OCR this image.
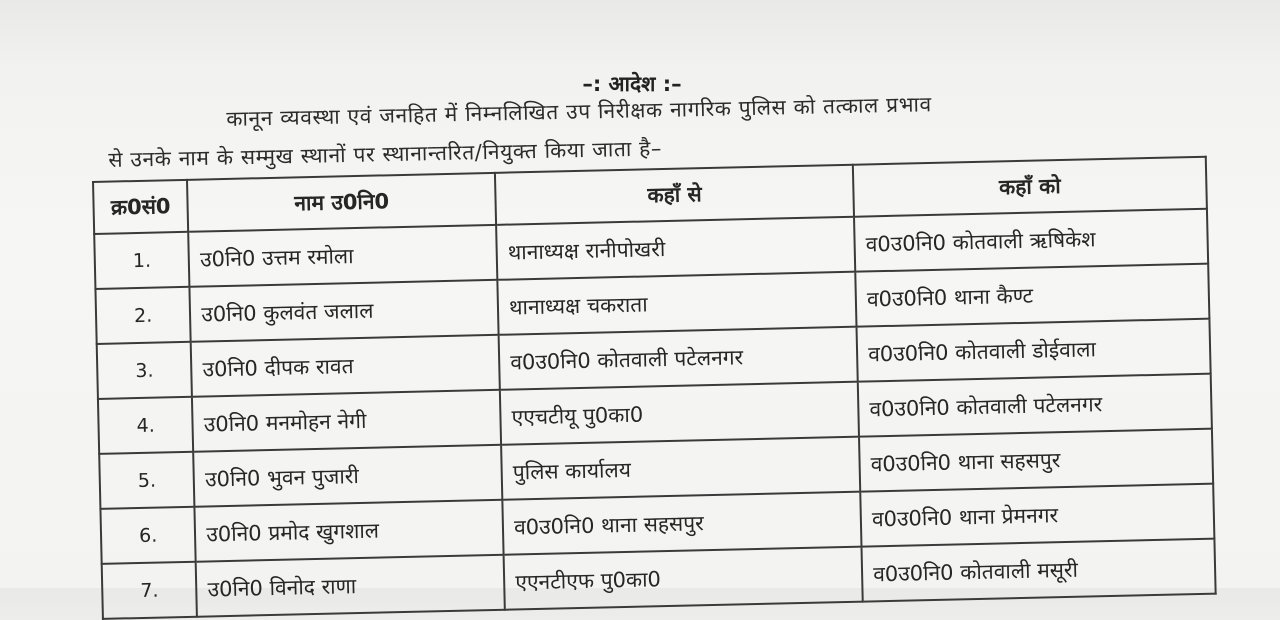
–: आदेश :–
कानून व्यवस्था एवं जनहित में निम्नलिखित उप निरीक्षक नागरिक पुलिस को तत्काल प्रभाव
से उनके नाम के सम्मुख स्थानों पर स्थानान्तरित/नियुक्त किया जाता है–
क्र0सं0	नाम उ0नि0	कहाँ से	कहाँ को
1.	उ0नि0 उत्तम रमोला	थानाध्यक्ष रानीपोखरी	व0उ0नि0 कोतवाली ऋषिकेश
2.	उ0नि0 कुलवंत जलाल	थानाध्यक्ष चकराता	व0उ0नि0 थाना कैण्ट
3.	उ0नि0 दीपक रावत	व0उ0नि0 कोतवाली पटेलनगर	व0उ0नि0 कोतवाली डोईवाला
4.	उ0नि0 मनमोहन नेगी	एएचटीयू पु0का0	व0उ0नि0 कोतवाली पटेलनगर
5.	उ0नि0 भुवन पुजारी	पुलिस कार्यालय	व0उ0नि0 थाना सहसपुर
6.	उ0नि0 प्रमोद खुगशाल	व0उ0नि0 थाना सहसपुर	व0उ0नि0 थाना प्रेमनगर
7.	उ0नि0 विनोद राणा	एएनटीएफ पु0का0	व0उ0नि0 कोतवाली मसूरी
